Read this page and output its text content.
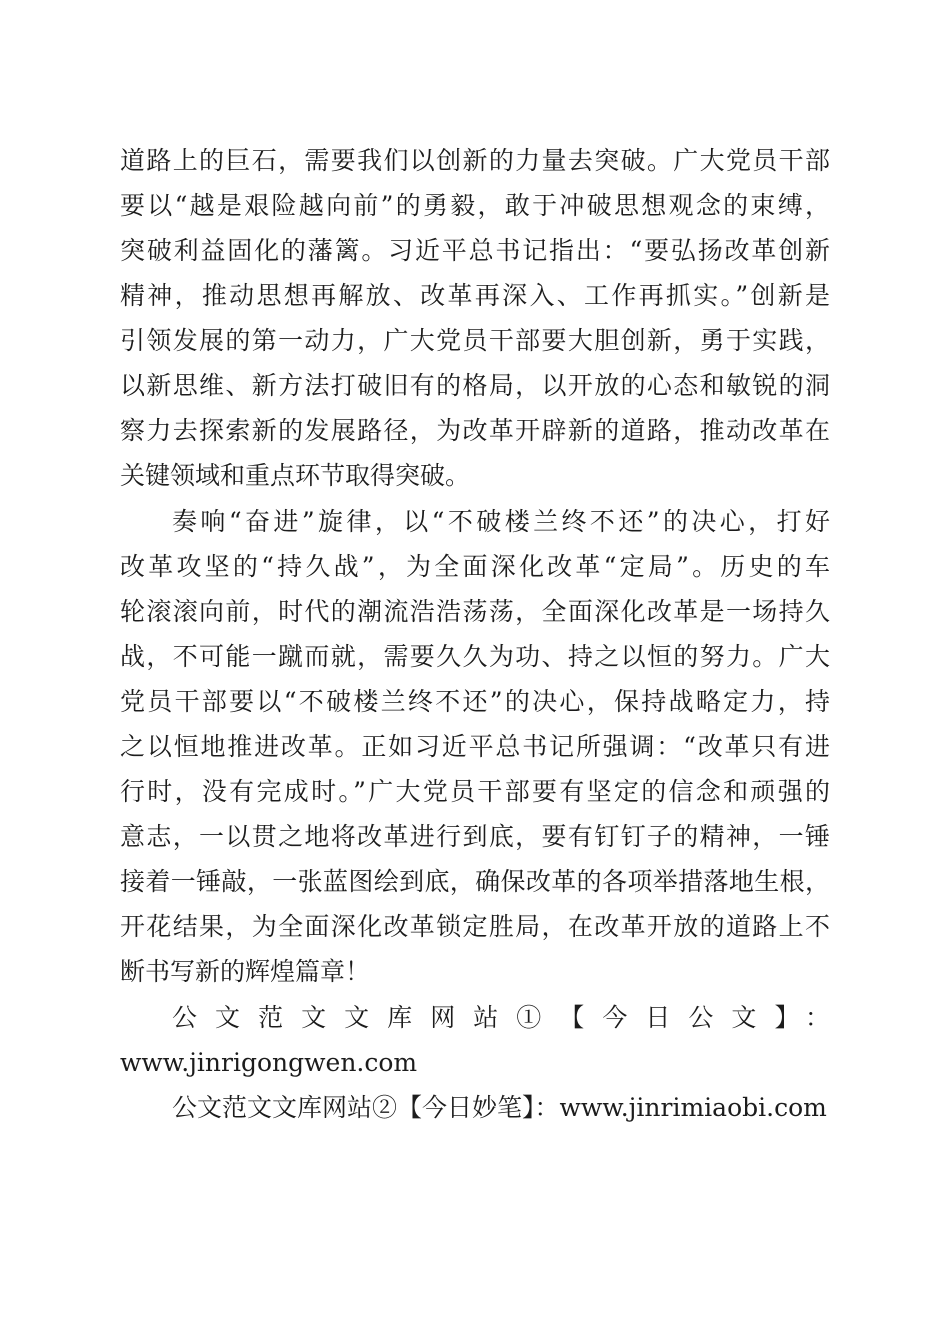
道路上的巨石，需要我们以创新的力量去突破。广大党员干部
要以“越是艰险越向前”的勇毅，敢于冲破思想观念的束缚，
突破利益固化的藩篱。习近平总书记指出：“要弘扬改革创新
精神，推动思想再解放、改革再深入、工作再抓实。”创新是
引领发展的第一动力，广大党员干部要大胆创新，勇于实践，
以新思维、新方法打破旧有的格局，以开放的心态和敏锐的洞
察力去探索新的发展路径，为改革开辟新的道路，推动改革在
关键领域和重点环节取得突破。
奏响“奋进”旋律，以“不破楼兰终不还”的决心，打好
改革攻坚的“持久战”，为全面深化改革“定局”。历史的车
轮滚滚向前，时代的潮流浩浩荡荡，全面深化改革是一场持久
战，不可能一蹴而就，需要久久为功、持之以恒的努力。广大
党员干部要以“不破楼兰终不还”的决心，保持战略定力，持
之以恒地推进改革。正如习近平总书记所强调：“改革只有进
行时，没有完成时。”广大党员干部要有坚定的信念和顽强的
意志，一以贯之地将改革进行到底，要有钉钉子的精神，一锤
接着一锤敲，一张蓝图绘到底，确保改革的各项举措落地生根，
开花结果，为全面深化改革锁定胜局，在改革开放的道路上不
断书写新的辉煌篇章！
公文范文文库网站①【今日公文】：
www.jinrigongwen.com
公文范文文库网站②【今日妙笔】：www.jinrimiaobi.com
